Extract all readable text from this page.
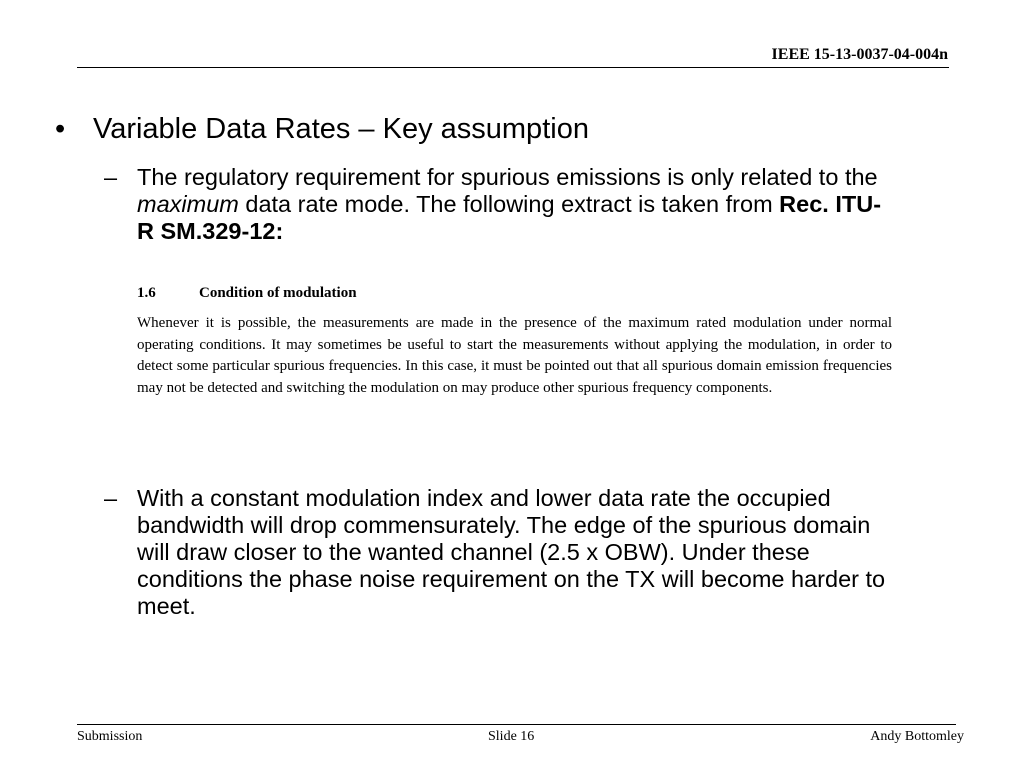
IEEE 15-13-0037-04-004n
• Variable Data Rates – Key assumption
– The regulatory requirement for spurious emissions is only related to the maximum data rate mode. The following extract is taken from Rec. ITU-R SM.329-12:
1.6	Condition of modulation
Whenever it is possible, the measurements are made in the presence of the maximum rated modulation under normal operating conditions. It may sometimes be useful to start the measurements without applying the modulation, in order to detect some particular spurious frequencies. In this case, it must be pointed out that all spurious domain emission frequencies may not be detected and switching the modulation on may produce other spurious frequency components.
– With a constant modulation index and lower data rate the occupied bandwidth will drop commensurately. The edge of the spurious domain will draw closer to the wanted channel (2.5 x OBW). Under these conditions the phase noise requirement on the TX will become harder to meet.
Submission	Slide 16	Andy Bottomley
